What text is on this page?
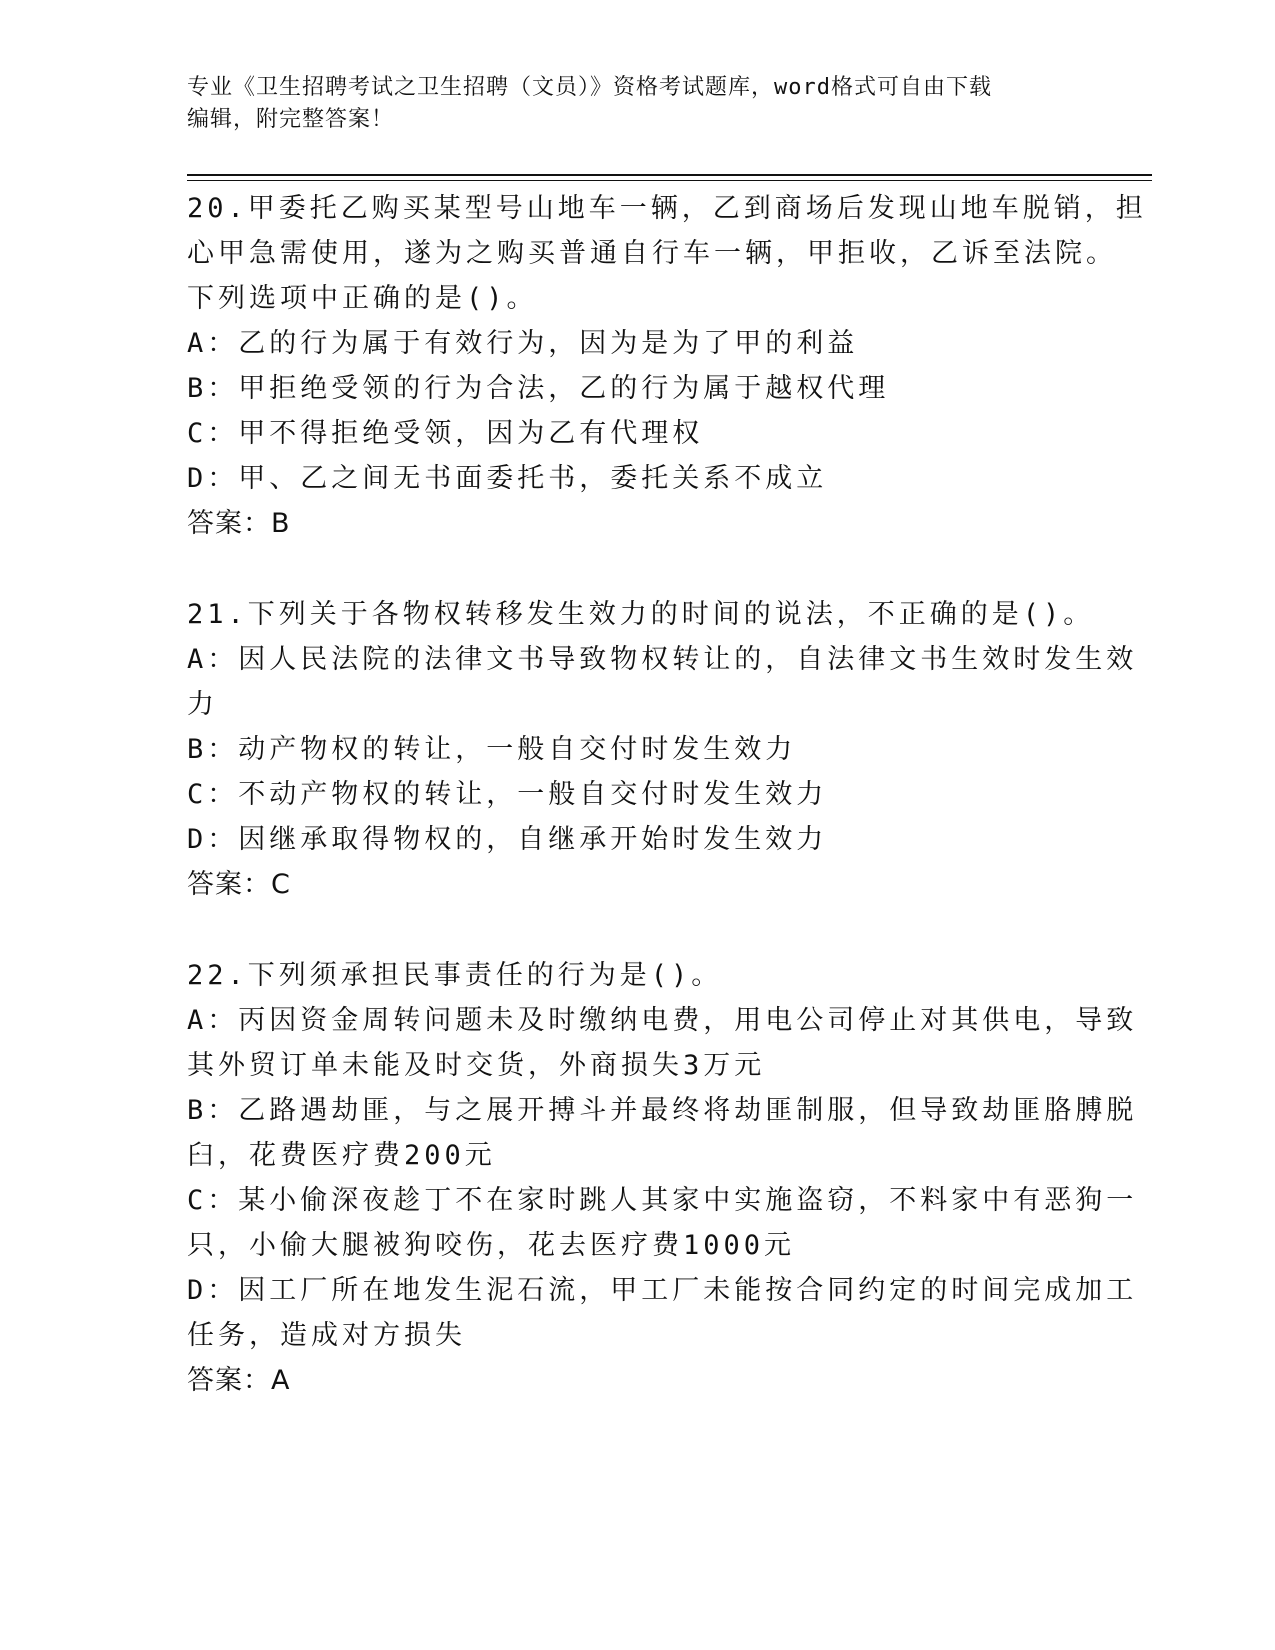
专业《卫生招聘考试之卫生招聘（文员）》资格考试题库，word格式可自由下载
编辑，附完整答案！
20.甲委托乙购买某型号山地车一辆，乙到商场后发现山地车脱销，担
心甲急需使用，遂为之购买普通自行车一辆，甲拒收，乙诉至法院。
下列选项中正确的是()。
A：乙的行为属于有效行为，因为是为了甲的利益
B：甲拒绝受领的行为合法，乙的行为属于越权代理
C：甲不得拒绝受领，因为乙有代理权
D：甲、乙之间无书面委托书，委托关系不成立
答案：B
21.下列关于各物权转移发生效力的时间的说法，不正确的是()。
A：因人民法院的法律文书导致物权转让的，自法律文书生效时发生效
力
B：动产物权的转让，一般自交付时发生效力
C：不动产物权的转让，一般自交付时发生效力
D：因继承取得物权的，自继承开始时发生效力
答案：C
22.下列须承担民事责任的行为是()。
A：丙因资金周转问题未及时缴纳电费，用电公司停止对其供电，导致
其外贸订单未能及时交货，外商损失3万元
B：乙路遇劫匪，与之展开搏斗并最终将劫匪制服，但导致劫匪胳膊脱
臼，花费医疗费200元
C：某小偷深夜趁丁不在家时跳人其家中实施盗窃，不料家中有恶狗一
只，小偷大腿被狗咬伤，花去医疗费1000元
D：因工厂所在地发生泥石流，甲工厂未能按合同约定的时间完成加工
任务，造成对方损失
答案：A
